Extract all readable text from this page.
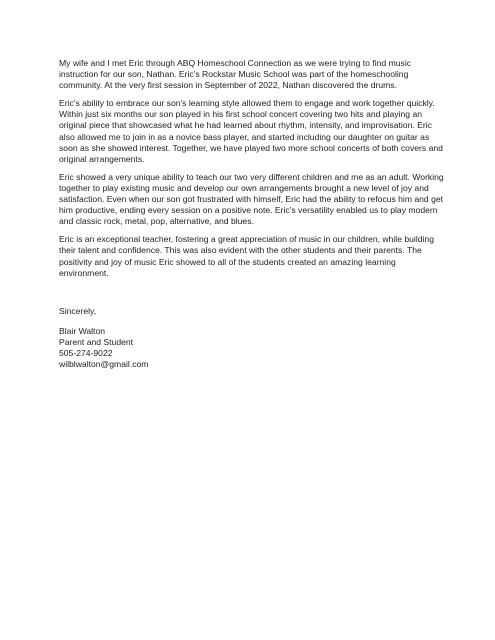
My wife and I met Eric through ABQ Homeschool Connection as we were trying to find music instruction for our son, Nathan. Eric's Rockstar Music School was part of the homeschooling community. At the very first session in September of 2022, Nathan discovered the drums.

Eric's ability to embrace our son's learning style allowed them to engage and work together quickly. Within just six months our son played in his first school concert covering two hits and playing an original piece that showcased what he had learned about rhythm, intensity, and improvisation. Eric also allowed me to join in as a novice bass player, and started including our daughter on guitar as soon as she showed interest. Together, we have played two more school concerts of both covers and original arrangements.

Eric showed a very unique ability to teach our two very different children and me as an adult. Working together to play existing music and develop our own arrangements brought a new level of joy and satisfaction. Even when our son got frustrated with himself, Eric had the ability to refocus him and get him productive, ending every session on a positive note. Eric's versatility enabled us to play modern and classic rock, metal, pop, alternative, and blues.

Eric is an exceptional teacher, fostering a great appreciation of music in our children, while building their talent and confidence. This was also evident with the other students and their parents. The positivity and joy of music Eric showed to all of the students created an amazing learning environment.

Sincerely,

Blair Walton
Parent and Student
505-274-9022
wilblwalton@gmail.com
